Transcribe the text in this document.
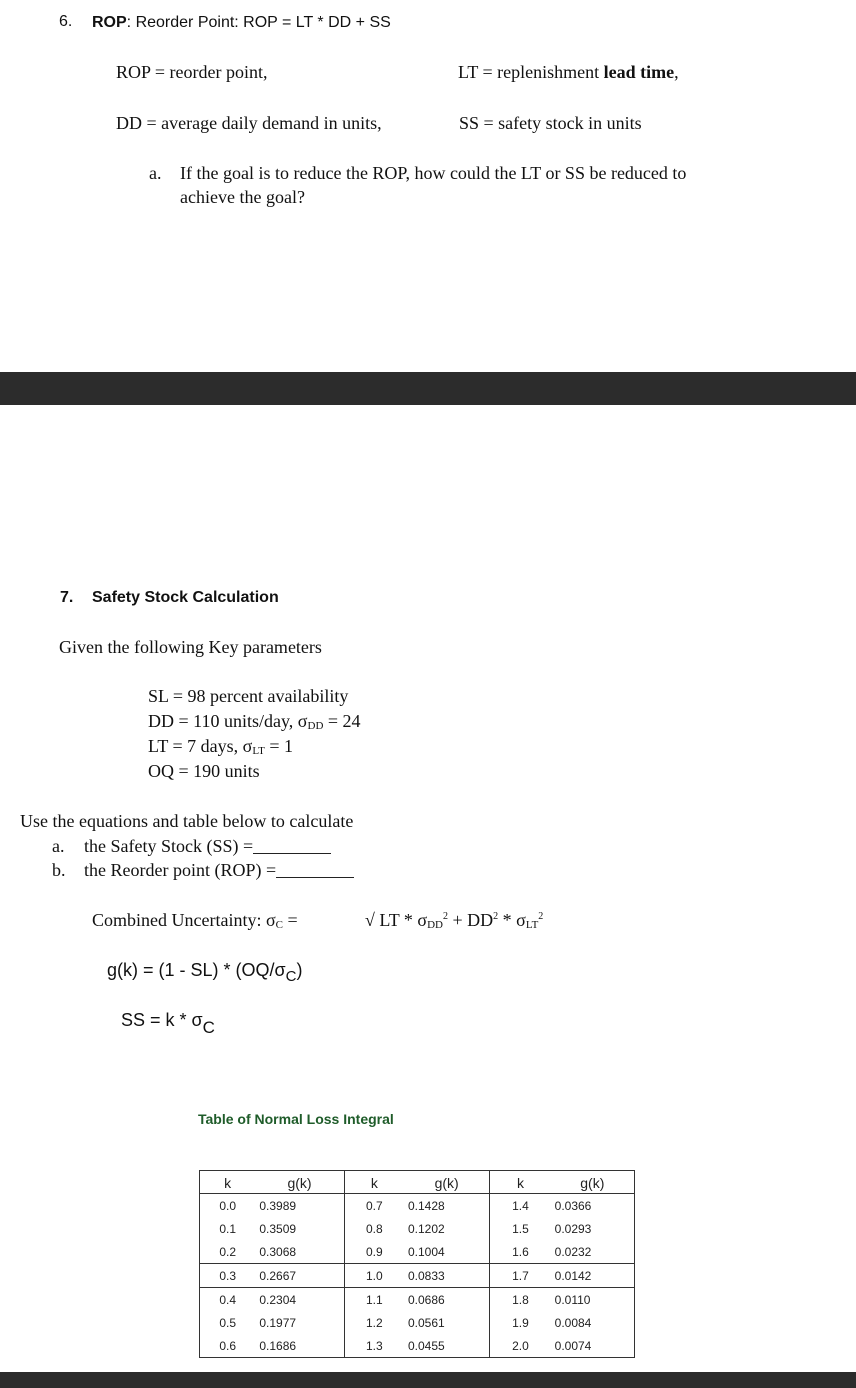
6. ROP: Reorder Point: ROP = LT * DD + SS
ROP = reorder point,	LT = replenishment lead time,
DD = average daily demand in units,	SS = safety stock in units
a. If the goal is to reduce the ROP, how could the LT or SS be reduced to
achieve the goal?
7. Safety Stock Calculation
Given the following Key parameters
SL = 98 percent availability
DD = 110 units/day, σDD = 24
LT = 7 days, σLT = 1
OQ = 190 units
Use the equations and table below to calculate
a. the Safety Stock (SS) =
b. the Reorder point (ROP) =
Combined Uncertainty: σC =	√ LT * $\sigma DD^2 + DD^2 * \sigma LT^2$
$g(k) = (1 - SL) * (OQ/\sigma_C)$
SS = k * σC
Table of Normal Loss Integral
k	g(k)	k	g(k)	k	g(k)
0.0	0.3989	0.7	0.1428	1.4	0.0366
0.1	0.3509	0.8	0.1202	1.5	0.0293
0.2	0.3068	0.9	0.1004	1.6	0.0232
0.3	0.2667	1.0	0.0833	1.7	0.0142
0.4	0.2304	1.1	0.0686	1.8	0.0110
0.5	0.1977	1.2	0.0561	1.9	0.0084
0.6	0.1686	1.3	0.0455	2.0	0.0074
